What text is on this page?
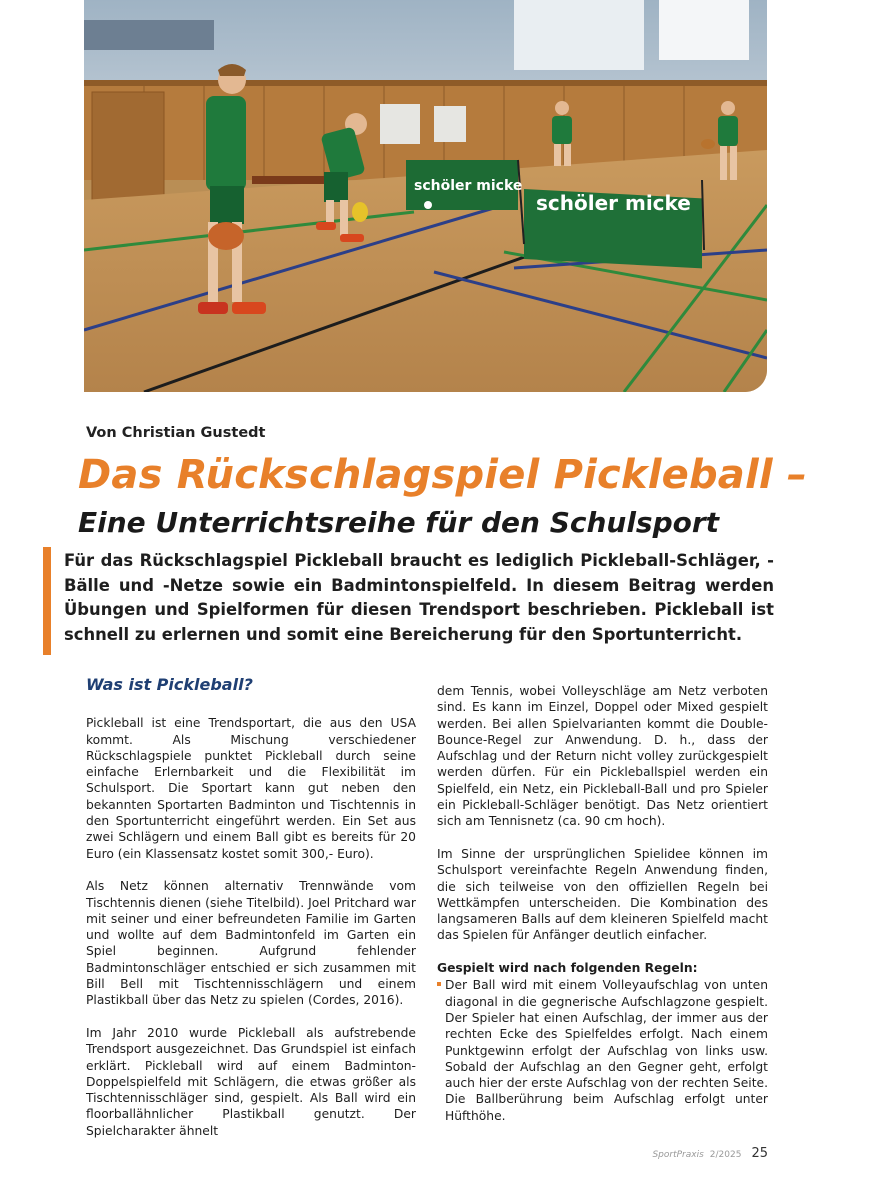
schöler micke
schöler micke
Von Christian Gustedt
Das Rückschlagspiel Pickleball –
Eine Unterrichtsreihe für den Schulsport

Für das Rückschlagspiel Pickleball braucht es lediglich Pickleball-Schläger, -Bälle und -Netze sowie ein Badmintonspielfeld. In diesem Beitrag werden Übungen und Spielformen für diesen Trendsport beschrieben. Pickleball ist schnell zu erlernen und somit eine Bereicherung für den Sportunterricht.

Was ist Pickleball?

Pickleball ist eine Trendsportart, die aus den USA kommt. Als Mischung verschiedener Rückschlagspiele punktet Pickleball durch seine einfache Erlernbarkeit und die Flexibilität im Schulsport. Die Sportart kann gut neben den bekannten Sportarten Badminton und Tischtennis in den Sportunterricht eingeführt werden. Ein Set aus zwei Schlägern und einem Ball gibt es bereits für 20 Euro (ein Klassensatz kostet somit 300,- Euro).

Als Netz können alternativ Trennwände vom Tischtennis dienen (siehe Titelbild). Joel Pritchard war mit seiner und einer befreundeten Familie im Garten und wollte auf dem Badmintonfeld im Garten ein Spiel beginnen. Aufgrund fehlender Badmintonschläger entschied er sich zusammen mit Bill Bell mit Tischtennisschlägern und einem Plastikball über das Netz zu spielen (Cordes, 2016).

Im Jahr 2010 wurde Pickleball als aufstrebende Trendsport ausgezeichnet. Das Grundspiel ist einfach erklärt. Pickleball wird auf einem Badminton-Doppelspielfeld mit Schlägern, die etwas größer als Tischtennisschläger sind, gespielt. Als Ball wird ein floorballähnlicher Plastikball genutzt. Der Spielcharakter ähnelt

dem Tennis, wobei Volleyschläge am Netz verboten sind. Es kann im Einzel, Doppel oder Mixed gespielt werden. Bei allen Spielvarianten kommt die Double-Bounce-Regel zur Anwendung. D. h., dass der Aufschlag und der Return nicht volley zurückgespielt werden dürfen. Für ein Pickleballspiel werden ein Spielfeld, ein Netz, ein Pickleball-Ball und pro Spieler ein Pickleball-Schläger benötigt. Das Netz orientiert sich am Tennisnetz (ca. 90 cm hoch).

Im Sinne der ursprünglichen Spielidee können im Schulsport vereinfachte Regeln Anwendung finden, die sich teilweise von den offiziellen Regeln bei Wettkämpfen unterscheiden. Die Kombination des langsameren Balls auf dem kleineren Spielfeld macht das Spielen für Anfänger deutlich einfacher.

Gespielt wird nach folgenden Regeln:
Der Ball wird mit einem Volleyaufschlag von unten diagonal in die gegnerische Aufschlagzone gespielt. Der Spieler hat einen Aufschlag, der immer aus der rechten Ecke des Spielfeldes erfolgt. Nach einem Punktgewinn erfolgt der Aufschlag von links usw. Sobald der Aufschlag an den Gegner geht, erfolgt auch hier der erste Aufschlag von der rechten Seite. Die Ballberührung beim Aufschlag erfolgt unter Hüfthöhe.
SportPraxis 2/2025 25
